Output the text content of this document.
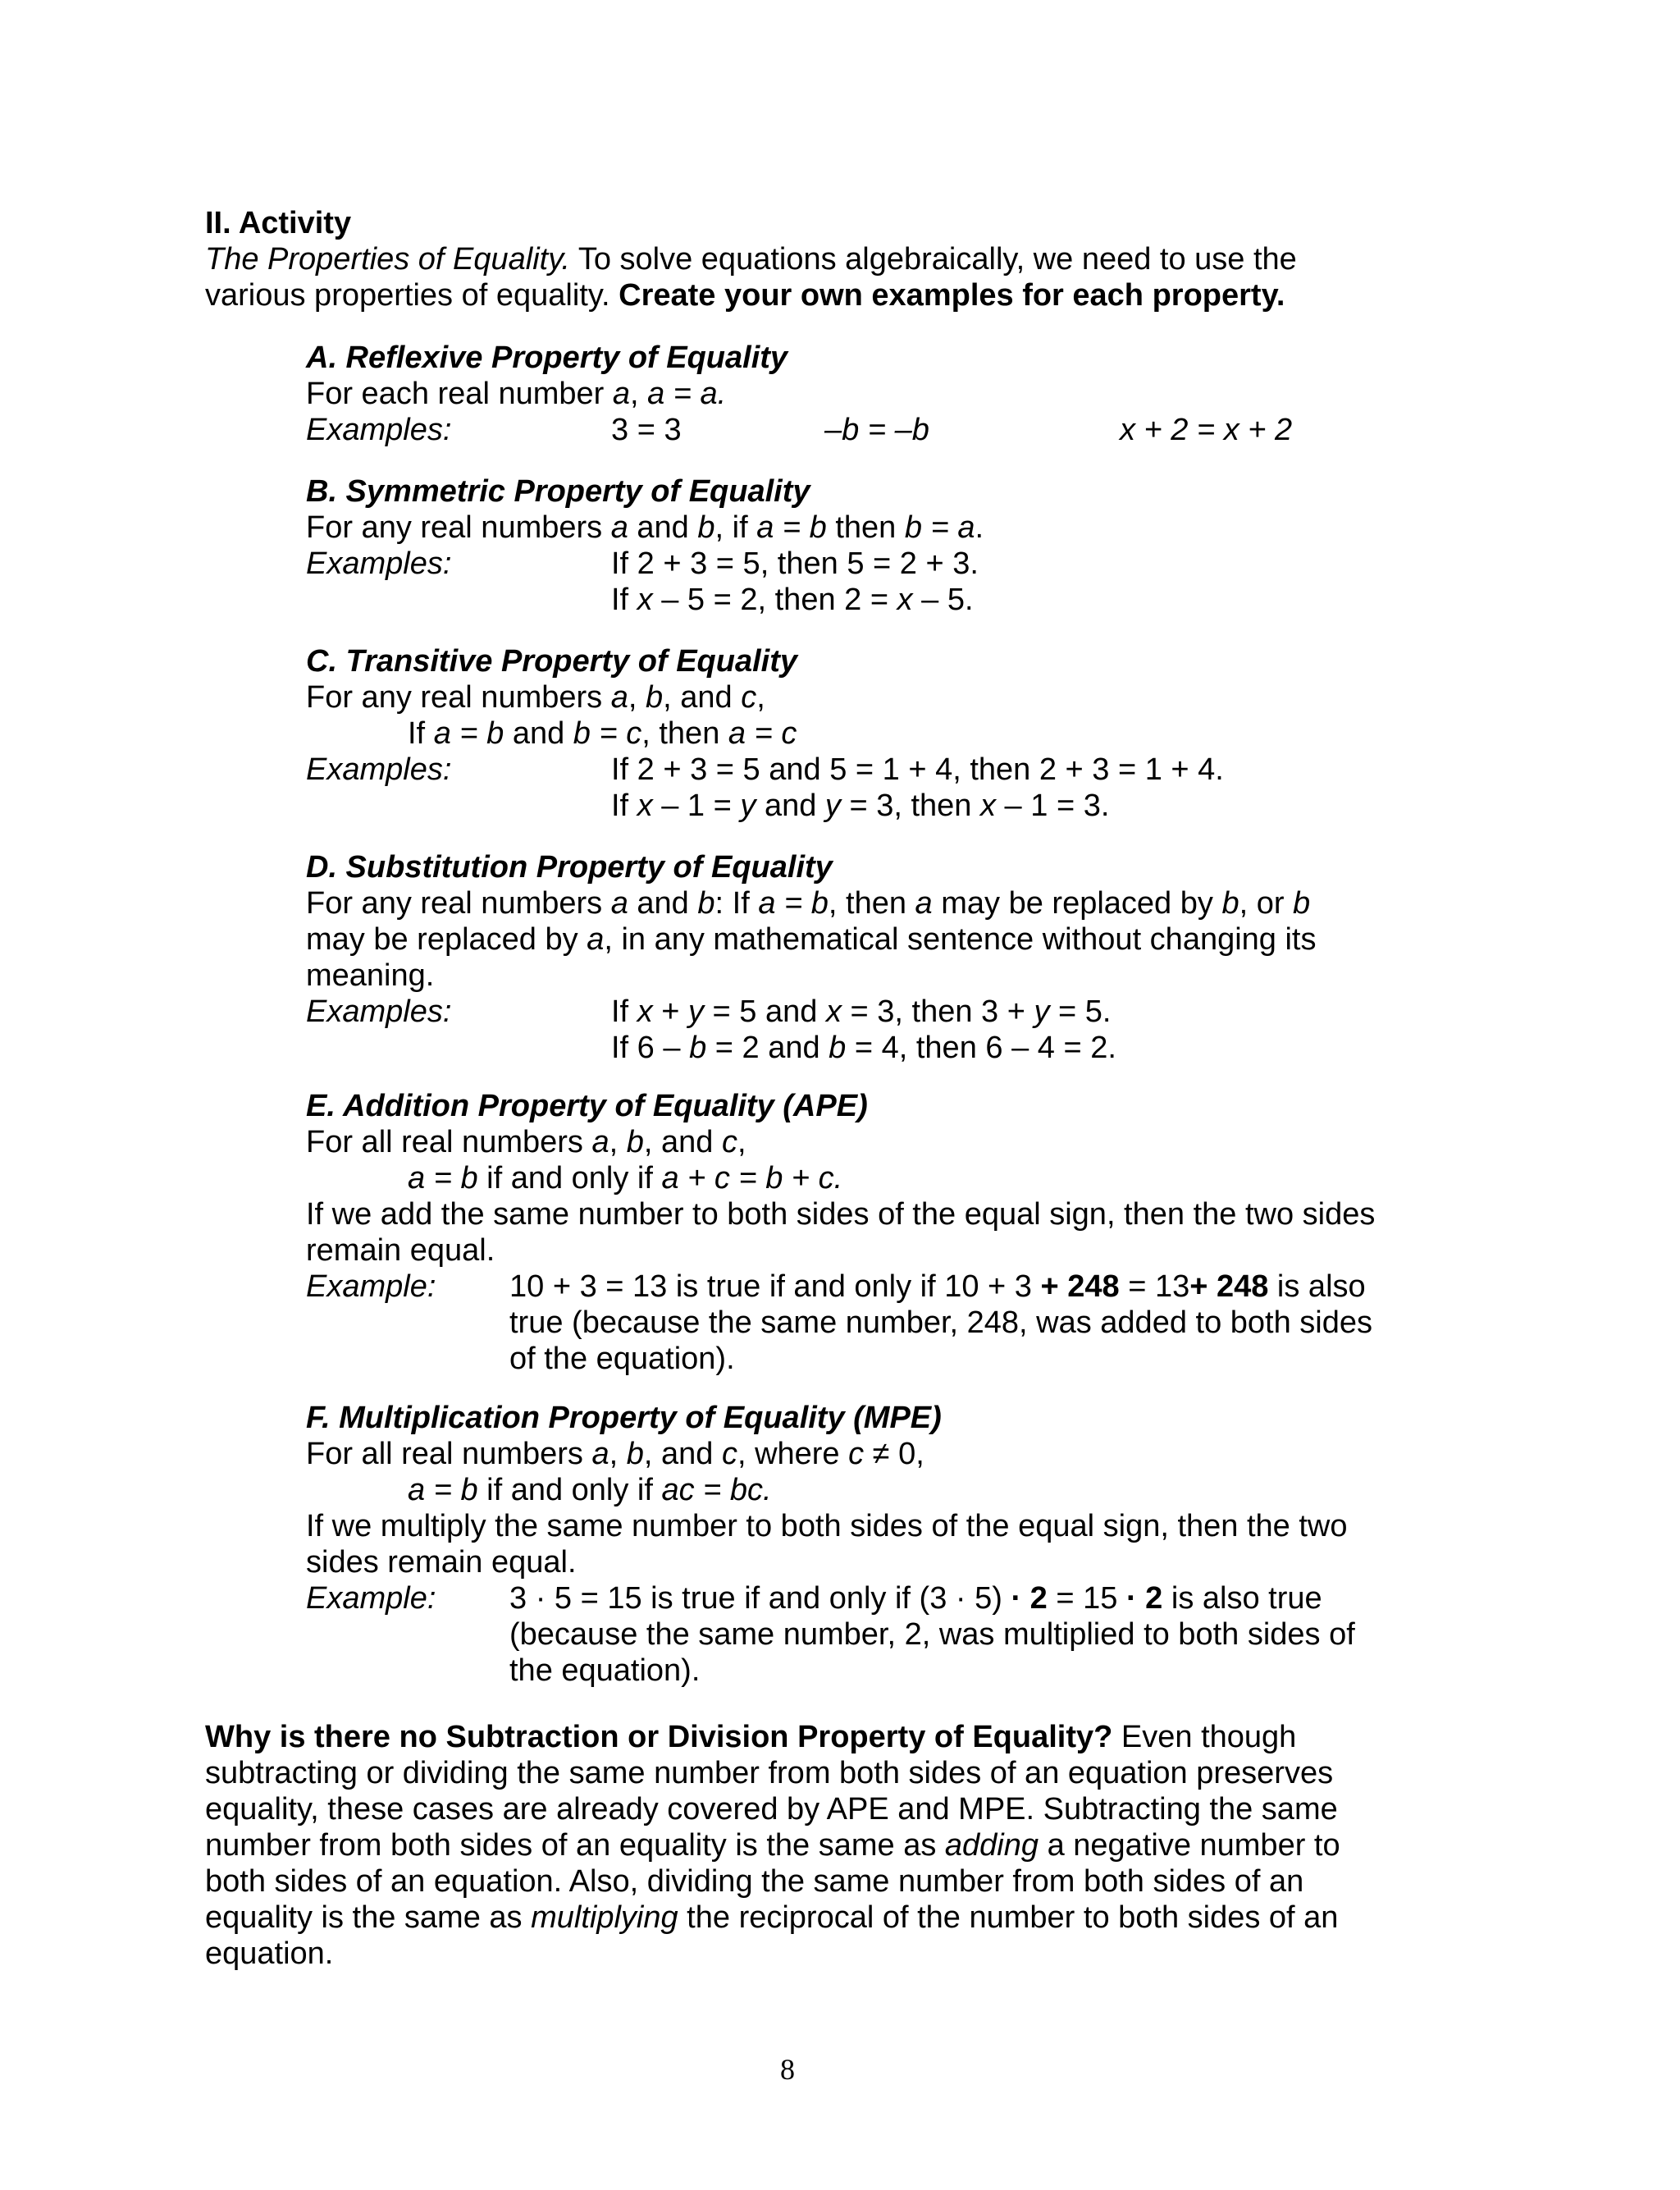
II. Activity
The Properties of Equality. To solve equations algebraically, we need to use the
various properties of equality. Create your own examples for each property.
A. Reflexive Property of Equality
For each real number a, a = a.
Examples:	3 = 3	–b = –b	x + 2 = x + 2
B. Symmetric Property of Equality
For any real numbers a and b, if a = b then b = a.
Examples:	If 2 + 3 = 5, then 5 = 2 + 3.
If x – 5 = 2, then 2 = x – 5.
C. Transitive Property of Equality
For any real numbers a, b, and c,
If a = b and b = c, then a = c
Examples:	If 2 + 3 = 5 and 5 = 1 + 4, then 2 + 3 = 1 + 4.
If x – 1 = y and y = 3, then x – 1 = 3.
D. Substitution Property of Equality
For any real numbers a and b: If a = b, then a may be replaced by b, or b
may be replaced by a, in any mathematical sentence without changing its
meaning.
Examples:	If x + y = 5 and x = 3, then 3 + y = 5.
If 6 – b = 2 and b = 4, then 6 – 4 = 2.
E. Addition Property of Equality (APE)
For all real numbers a, b, and c,
a = b if and only if a + c = b + c.
If we add the same number to both sides of the equal sign, then the two sides
remain equal.
Example: 10 + 3 = 13 is true if and only if 10 + 3 + 248 = 13+ 248 is also
true (because the same number, 248, was added to both sides
of the equation).
F. Multiplication Property of Equality (MPE)
For all real numbers a, b, and c, where c ≠ 0,
a = b if and only if ac = bc.
If we multiply the same number to both sides of the equal sign, then the two
sides remain equal.
Example: 3 · 5 = 15 is true if and only if (3 · 5) · 2 = 15 · 2 is also true
(because the same number, 2, was multiplied to both sides of
the equation).
Why is there no Subtraction or Division Property of Equality? Even though
subtracting or dividing the same number from both sides of an equation preserves
equality, these cases are already covered by APE and MPE. Subtracting the same
number from both sides of an equality is the same as adding a negative number to
both sides of an equation. Also, dividing the same number from both sides of an
equality is the same as multiplying the reciprocal of the number to both sides of an
equation.
8
